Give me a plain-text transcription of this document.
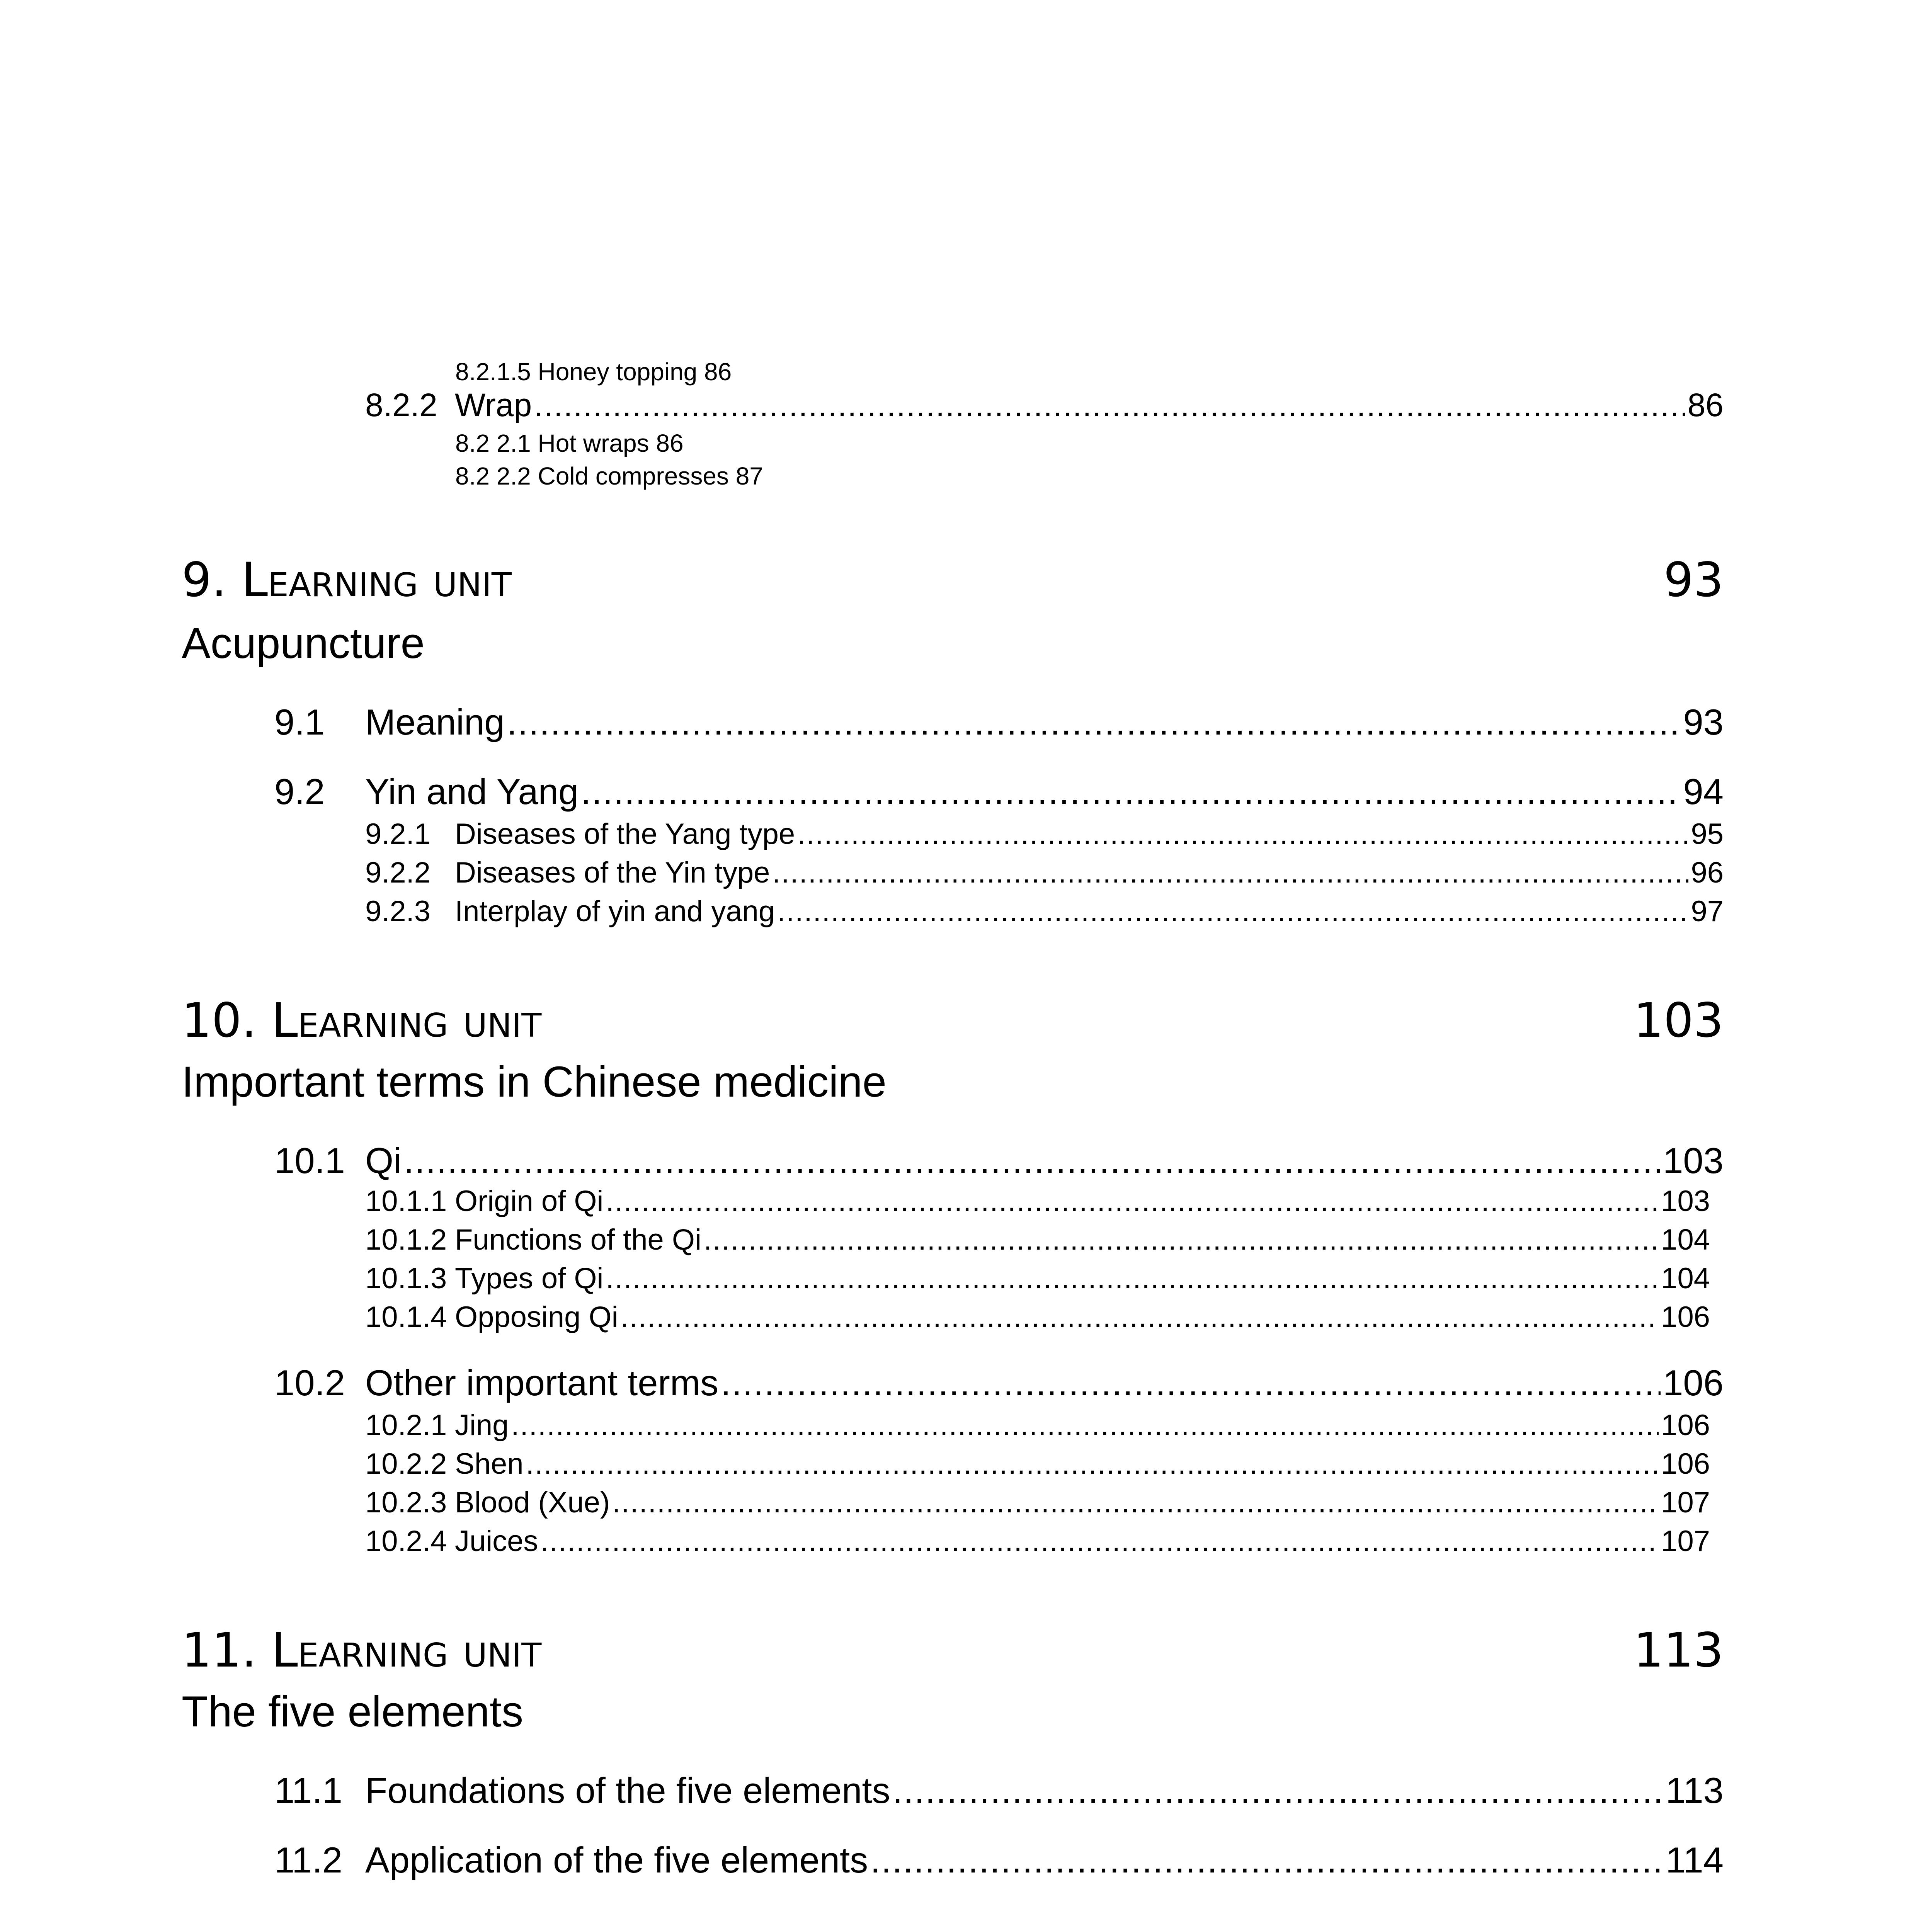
8.2.1.5 Honey topping 86
8.2.2 Wrap .....	86
8.2 2.1 Hot wraps 86
8.2 2.2 Cold compresses 87
9. Learning unit	93
Acupuncture
9.1	Meaning .....	93
9.2	Yin and Yang .....	94
9.2.1 Diseases of the Yang type .....	95
9.2.2 Diseases of the Yin type .....	96
9.2.3 Interplay of yin and yang .....	97
10. Learning unit	103
Important terms in Chinese medicine
10.1 Qi .....	103
10.1.1 Origin of Qi .....	103
10.1.2 Functions of the Qi .....	104
10.1.3 Types of Qi .....	104
10.1.4 Opposing Qi .....	106
10.2 Other important terms .....	106
10.2.1 Jing .....	106
10.2.2 Shen .....	106
10.2.3 Blood (Xue) .....	107
10.2.4 Juices .....	107
11. Learning unit	113
The five elements
11.1 Foundations of the five elements .....	113
11.2 Application of the five elements .....	114
